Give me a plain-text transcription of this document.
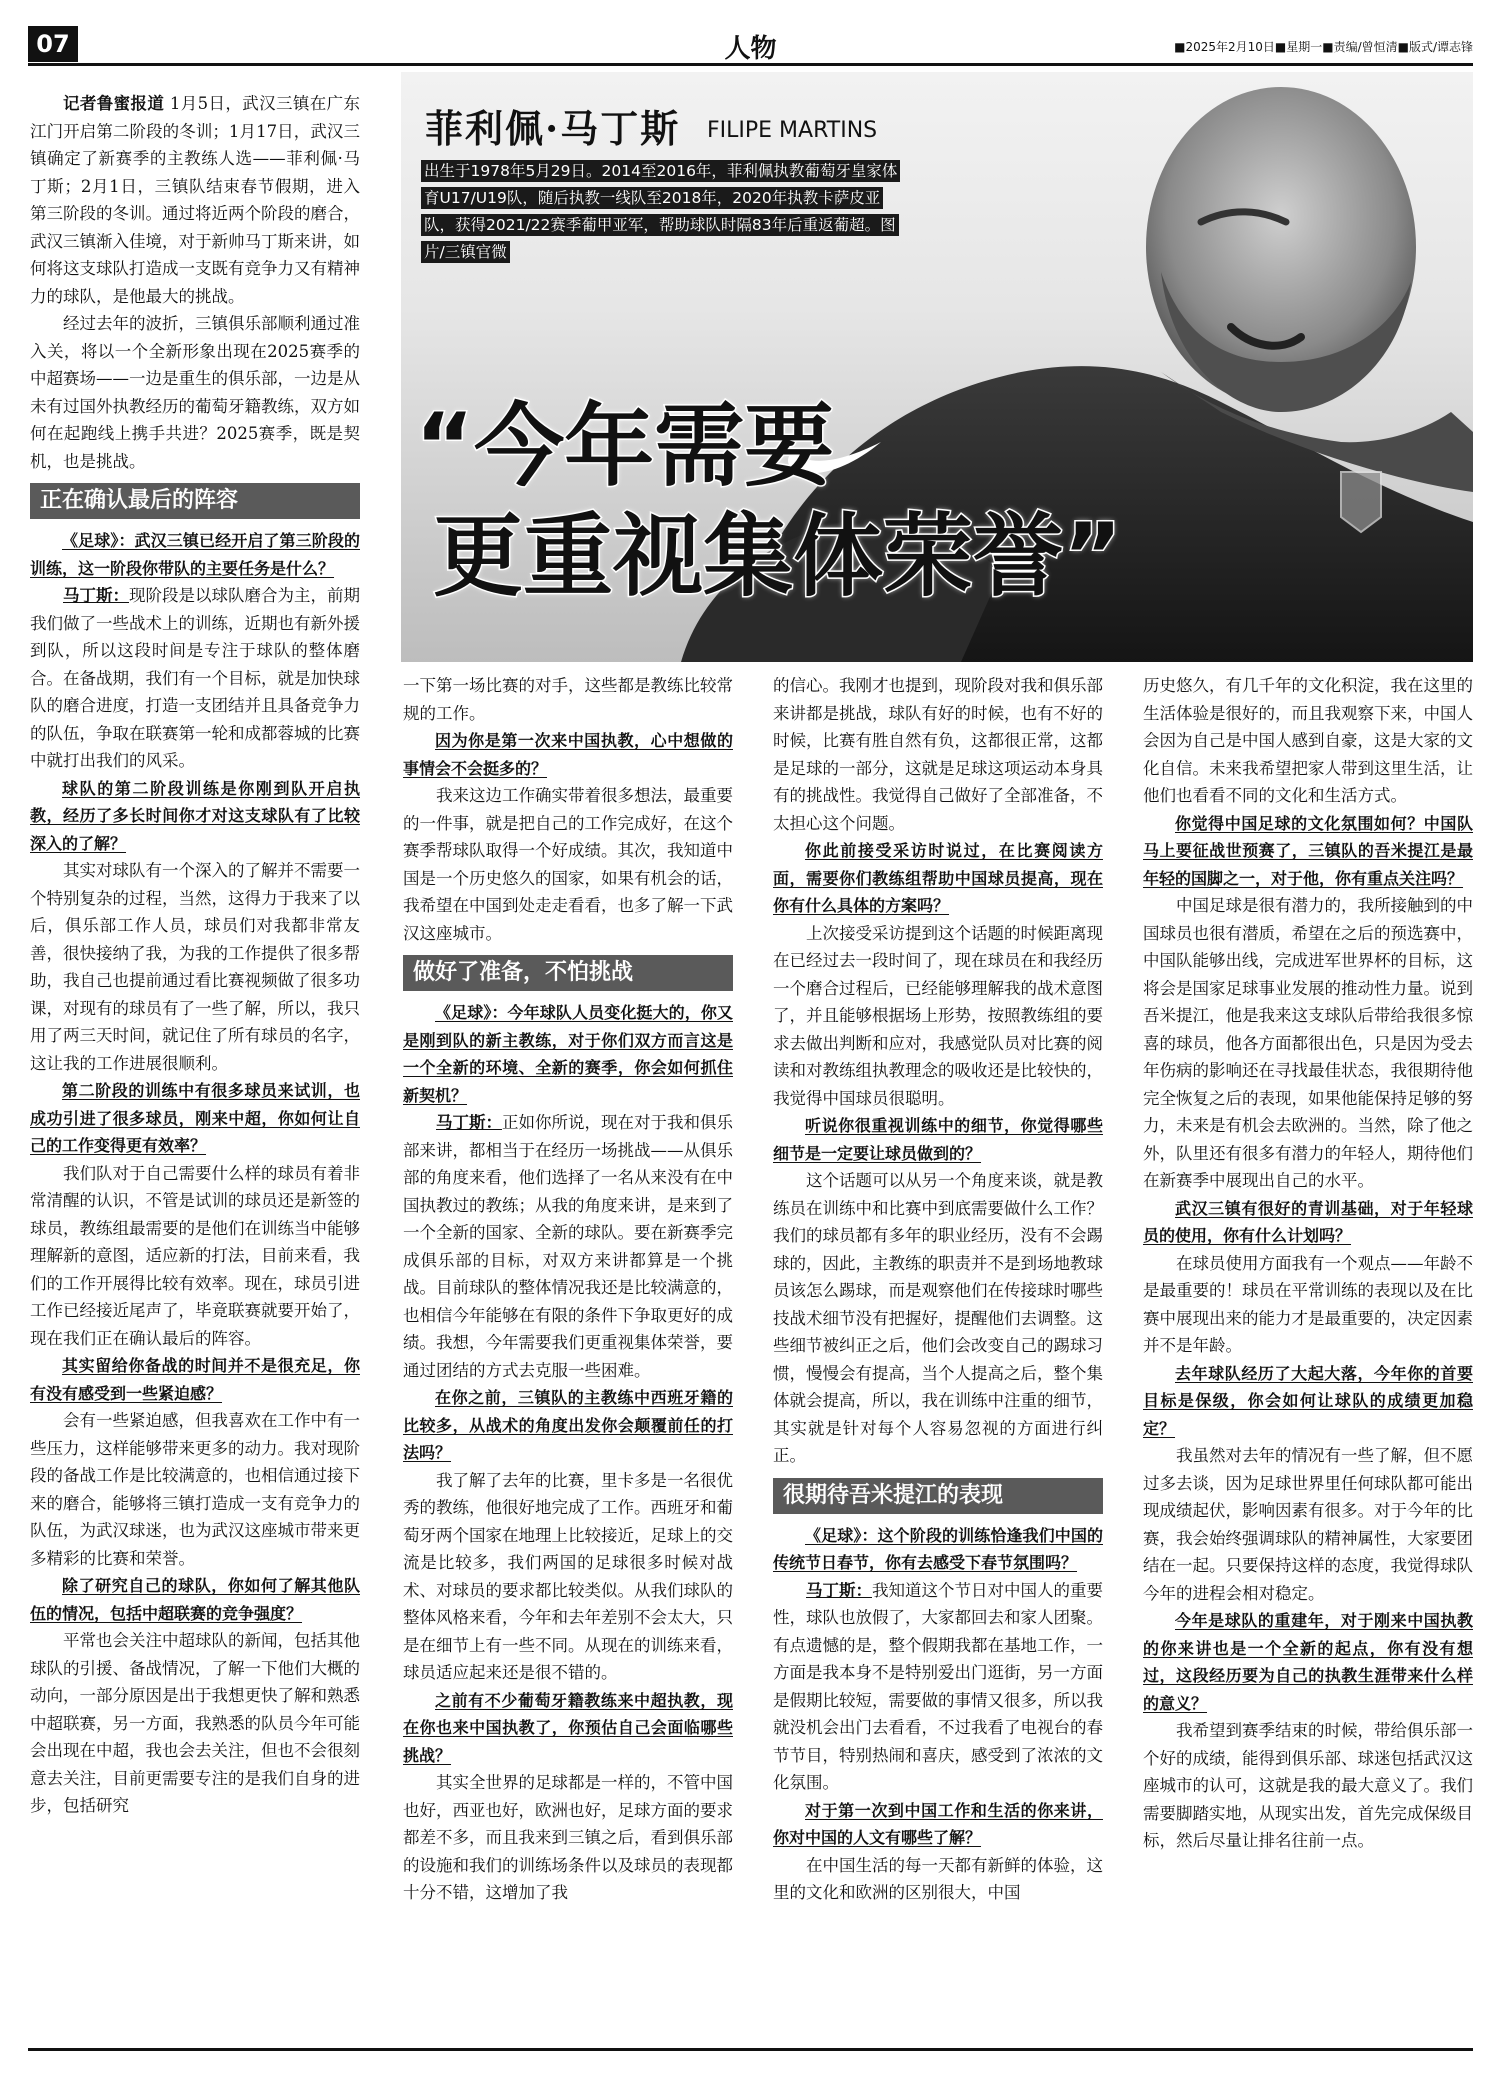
07	人物	■2025年2月10日■星期一■责编/曾恒清■版式/谭志锋
菲利佩·马丁斯 FILIPE MARTINS
出生于1978年5月29日。2014至2016年，菲利佩执教葡萄牙皇家体育U17/U19队，随后执教一线队至2018年，2020年执教卡萨皮亚队，获得2021/22赛季葡甲亚军，帮助球队时隔83年后重返葡超。图片/三镇官微
“今年需要
更重视集体荣誉”

记者鲁蜜报道 1月5日，武汉三镇在广东江门开启第二阶段的冬训；1月17日，武汉三镇确定了新赛季的主教练人选——菲利佩·马丁斯；2月1日，三镇队结束春节假期，进入第三阶段的冬训。通过将近两个阶段的磨合，武汉三镇渐入佳境，对于新帅马丁斯来讲，如何将这支球队打造成一支既有竞争力又有精神力的球队，是他最大的挑战。

经过去年的波折，三镇俱乐部顺利通过准入关，将以一个全新形象出现在2025赛季的中超赛场——一边是重生的俱乐部，一边是从未有过国外执教经历的葡萄牙籍教练，双方如何在起跑线上携手共进？2025赛季，既是契机，也是挑战。

正在确认最后的阵容

《足球》：武汉三镇已经开启了第三阶段的训练，这一阶段你带队的主要任务是什么？

马丁斯：现阶段是以球队磨合为主，前期我们做了一些战术上的训练，近期也有新外援到队，所以这段时间是专注于球队的整体磨合。在备战期，我们有一个目标，就是加快球队的磨合进度，打造一支团结并且具备竞争力的队伍，争取在联赛第一轮和成都蓉城的比赛中就打出我们的风采。

球队的第二阶段训练是你刚到队开启执教，经历了多长时间你才对这支球队有了比较深入的了解？

其实对球队有一个深入的了解并不需要一个特别复杂的过程，当然，这得力于我来了以后，俱乐部工作人员，球员们对我都非常友善，很快接纳了我，为我的工作提供了很多帮助，我自己也提前通过看比赛视频做了很多功课，对现有的球员有了一些了解，所以，我只用了两三天时间，就记住了所有球员的名字，这让我的工作进展很顺利。

第二阶段的训练中有很多球员来试训，也成功引进了很多球员，刚来中超，你如何让自己的工作变得更有效率？

我们队对于自己需要什么样的球员有着非常清醒的认识，不管是试训的球员还是新签的球员，教练组最需要的是他们在训练当中能够理解新的意图，适应新的打法，目前来看，我们的工作开展得比较有效率。现在，球员引进工作已经接近尾声了，毕竟联赛就要开始了，现在我们正在确认最后的阵容。

其实留给你备战的时间并不是很充足，你有没有感受到一些紧迫感？

会有一些紧迫感，但我喜欢在工作中有一些压力，这样能够带来更多的动力。我对现阶段的备战工作是比较满意的，也相信通过接下来的磨合，能够将三镇打造成一支有竞争力的队伍，为武汉球迷，也为武汉这座城市带来更多精彩的比赛和荣誉。

除了研究自己的球队，你如何了解其他队伍的情况，包括中超联赛的竞争强度？

平常也会关注中超球队的新闻，包括其他球队的引援、备战情况，了解一下他们大概的动向，一部分原因是出于我想更快了解和熟悉中超联赛，另一方面，我熟悉的队员今年可能会出现在中超，我也会去关注，但也不会很刻意去关注，目前更需要专注的是我们自身的进步，包括研究

一下第一场比赛的对手，这些都是教练比较常规的工作。

因为你是第一次来中国执教，心中想做的事情会不会挺多的？

我来这边工作确实带着很多想法，最重要的一件事，就是把自己的工作完成好，在这个赛季帮球队取得一个好成绩。其次，我知道中国是一个历史悠久的国家，如果有机会的话，我希望在中国到处走走看看，也多了解一下武汉这座城市。

做好了准备，不怕挑战

《足球》：今年球队人员变化挺大的，你又是刚到队的新主教练，对于你们双方而言这是一个全新的环境、全新的赛季，你会如何抓住新契机？

马丁斯：正如你所说，现在对于我和俱乐部来讲，都相当于在经历一场挑战——从俱乐部的角度来看，他们选择了一名从来没有在中国执教过的教练；从我的角度来讲，是来到了一个全新的国家、全新的球队。要在新赛季完成俱乐部的目标，对双方来讲都算是一个挑战。目前球队的整体情况我还是比较满意的，也相信今年能够在有限的条件下争取更好的成绩。我想，今年需要我们更重视集体荣誉，要通过团结的方式去克服一些困难。

在你之前，三镇队的主教练中西班牙籍的比较多，从战术的角度出发你会颠覆前任的打法吗？

我了解了去年的比赛，里卡多是一名很优秀的教练，他很好地完成了工作。西班牙和葡萄牙两个国家在地理上比较接近，足球上的交流是比较多，我们两国的足球很多时候对战术、对球员的要求都比较类似。从我们球队的整体风格来看，今年和去年差别不会太大，只是在细节上有一些不同。从现在的训练来看，球员适应起来还是很不错的。

之前有不少葡萄牙籍教练来中超执教，现在你也来中国执教了，你预估自己会面临哪些挑战？

其实全世界的足球都是一样的，不管中国也好，西亚也好，欧洲也好，足球方面的要求都差不多，而且我来到三镇之后，看到俱乐部的设施和我们的训练场条件以及球员的表现都十分不错，这增加了我

的信心。我刚才也提到，现阶段对我和俱乐部来讲都是挑战，球队有好的时候，也有不好的时候，比赛有胜自然有负，这都很正常，这都是足球的一部分，这就是足球这项运动本身具有的挑战性。我觉得自己做好了全部准备，不太担心这个问题。

你此前接受采访时说过，在比赛阅读方面，需要你们教练组帮助中国球员提高，现在你有什么具体的方案吗？

上次接受采访提到这个话题的时候距离现在已经过去一段时间了，现在球员在和我经历一个磨合过程后，已经能够理解我的战术意图了，并且能够根据场上形势，按照教练组的要求去做出判断和应对，我感觉队员对比赛的阅读和对教练组执教理念的吸收还是比较快的，我觉得中国球员很聪明。

听说你很重视训练中的细节，你觉得哪些细节是一定要让球员做到的？

这个话题可以从另一个角度来谈，就是教练员在训练中和比赛中到底需要做什么工作？我们的球员都有多年的职业经历，没有不会踢球的，因此，主教练的职责并不是到场地教球员该怎么踢球，而是观察他们在传接球时哪些技战术细节没有把握好，提醒他们去调整。这些细节被纠正之后，他们会改变自己的踢球习惯，慢慢会有提高，当个人提高之后，整个集体就会提高，所以，我在训练中注重的细节，其实就是针对每个人容易忽视的方面进行纠正。

很期待吾米提江的表现

《足球》：这个阶段的训练恰逢我们中国的传统节日春节，你有去感受下春节氛围吗？

马丁斯：我知道这个节日对中国人的重要性，球队也放假了，大家都回去和家人团聚。有点遗憾的是，整个假期我都在基地工作，一方面是我本身不是特别爱出门逛街，另一方面是假期比较短，需要做的事情又很多，所以我就没机会出门去看看，不过我看了电视台的春节节目，特别热闹和喜庆，感受到了浓浓的文化氛围。

对于第一次到中国工作和生活的你来讲，你对中国的人文有哪些了解？

在中国生活的每一天都有新鲜的体验，这里的文化和欧洲的区别很大，中国

历史悠久，有几千年的文化积淀，我在这里的生活体验是很好的，而且我观察下来，中国人会因为自己是中国人感到自豪，这是大家的文化自信。未来我希望把家人带到这里生活，让他们也看看不同的文化和生活方式。

你觉得中国足球的文化氛围如何？中国队马上要征战世预赛了，三镇队的吾米提江是最年轻的国脚之一，对于他，你有重点关注吗？

中国足球是很有潜力的，我所接触到的中国球员也很有潜质，希望在之后的预选赛中，中国队能够出线，完成进军世界杯的目标，这将会是国家足球事业发展的推动性力量。说到吾米提江，他是我来这支球队后带给我很多惊喜的球员，他各方面都很出色，只是因为受去年伤病的影响还在寻找最佳状态，我很期待他完全恢复之后的表现，如果他能保持足够的努力，未来是有机会去欧洲的。当然，除了他之外，队里还有很多有潜力的年轻人，期待他们在新赛季中展现出自己的水平。

武汉三镇有很好的青训基础，对于年轻球员的使用，你有什么计划吗？

在球员使用方面我有一个观点——年龄不是最重要的！球员在平常训练的表现以及在比赛中展现出来的能力才是最重要的，决定因素并不是年龄。

去年球队经历了大起大落，今年你的首要目标是保级，你会如何让球队的成绩更加稳定？

我虽然对去年的情况有一些了解，但不愿过多去谈，因为足球世界里任何球队都可能出现成绩起伏，影响因素有很多。对于今年的比赛，我会始终强调球队的精神属性，大家要团结在一起。只要保持这样的态度，我觉得球队今年的进程会相对稳定。

今年是球队的重建年，对于刚来中国执教的你来讲也是一个全新的起点，你有没有想过，这段经历要为自己的执教生涯带来什么样的意义？

我希望到赛季结束的时候，带给俱乐部一个好的成绩，能得到俱乐部、球迷包括武汉这座城市的认可，这就是我的最大意义了。我们需要脚踏实地，从现实出发，首先完成保级目标，然后尽量让排名往前一点。
